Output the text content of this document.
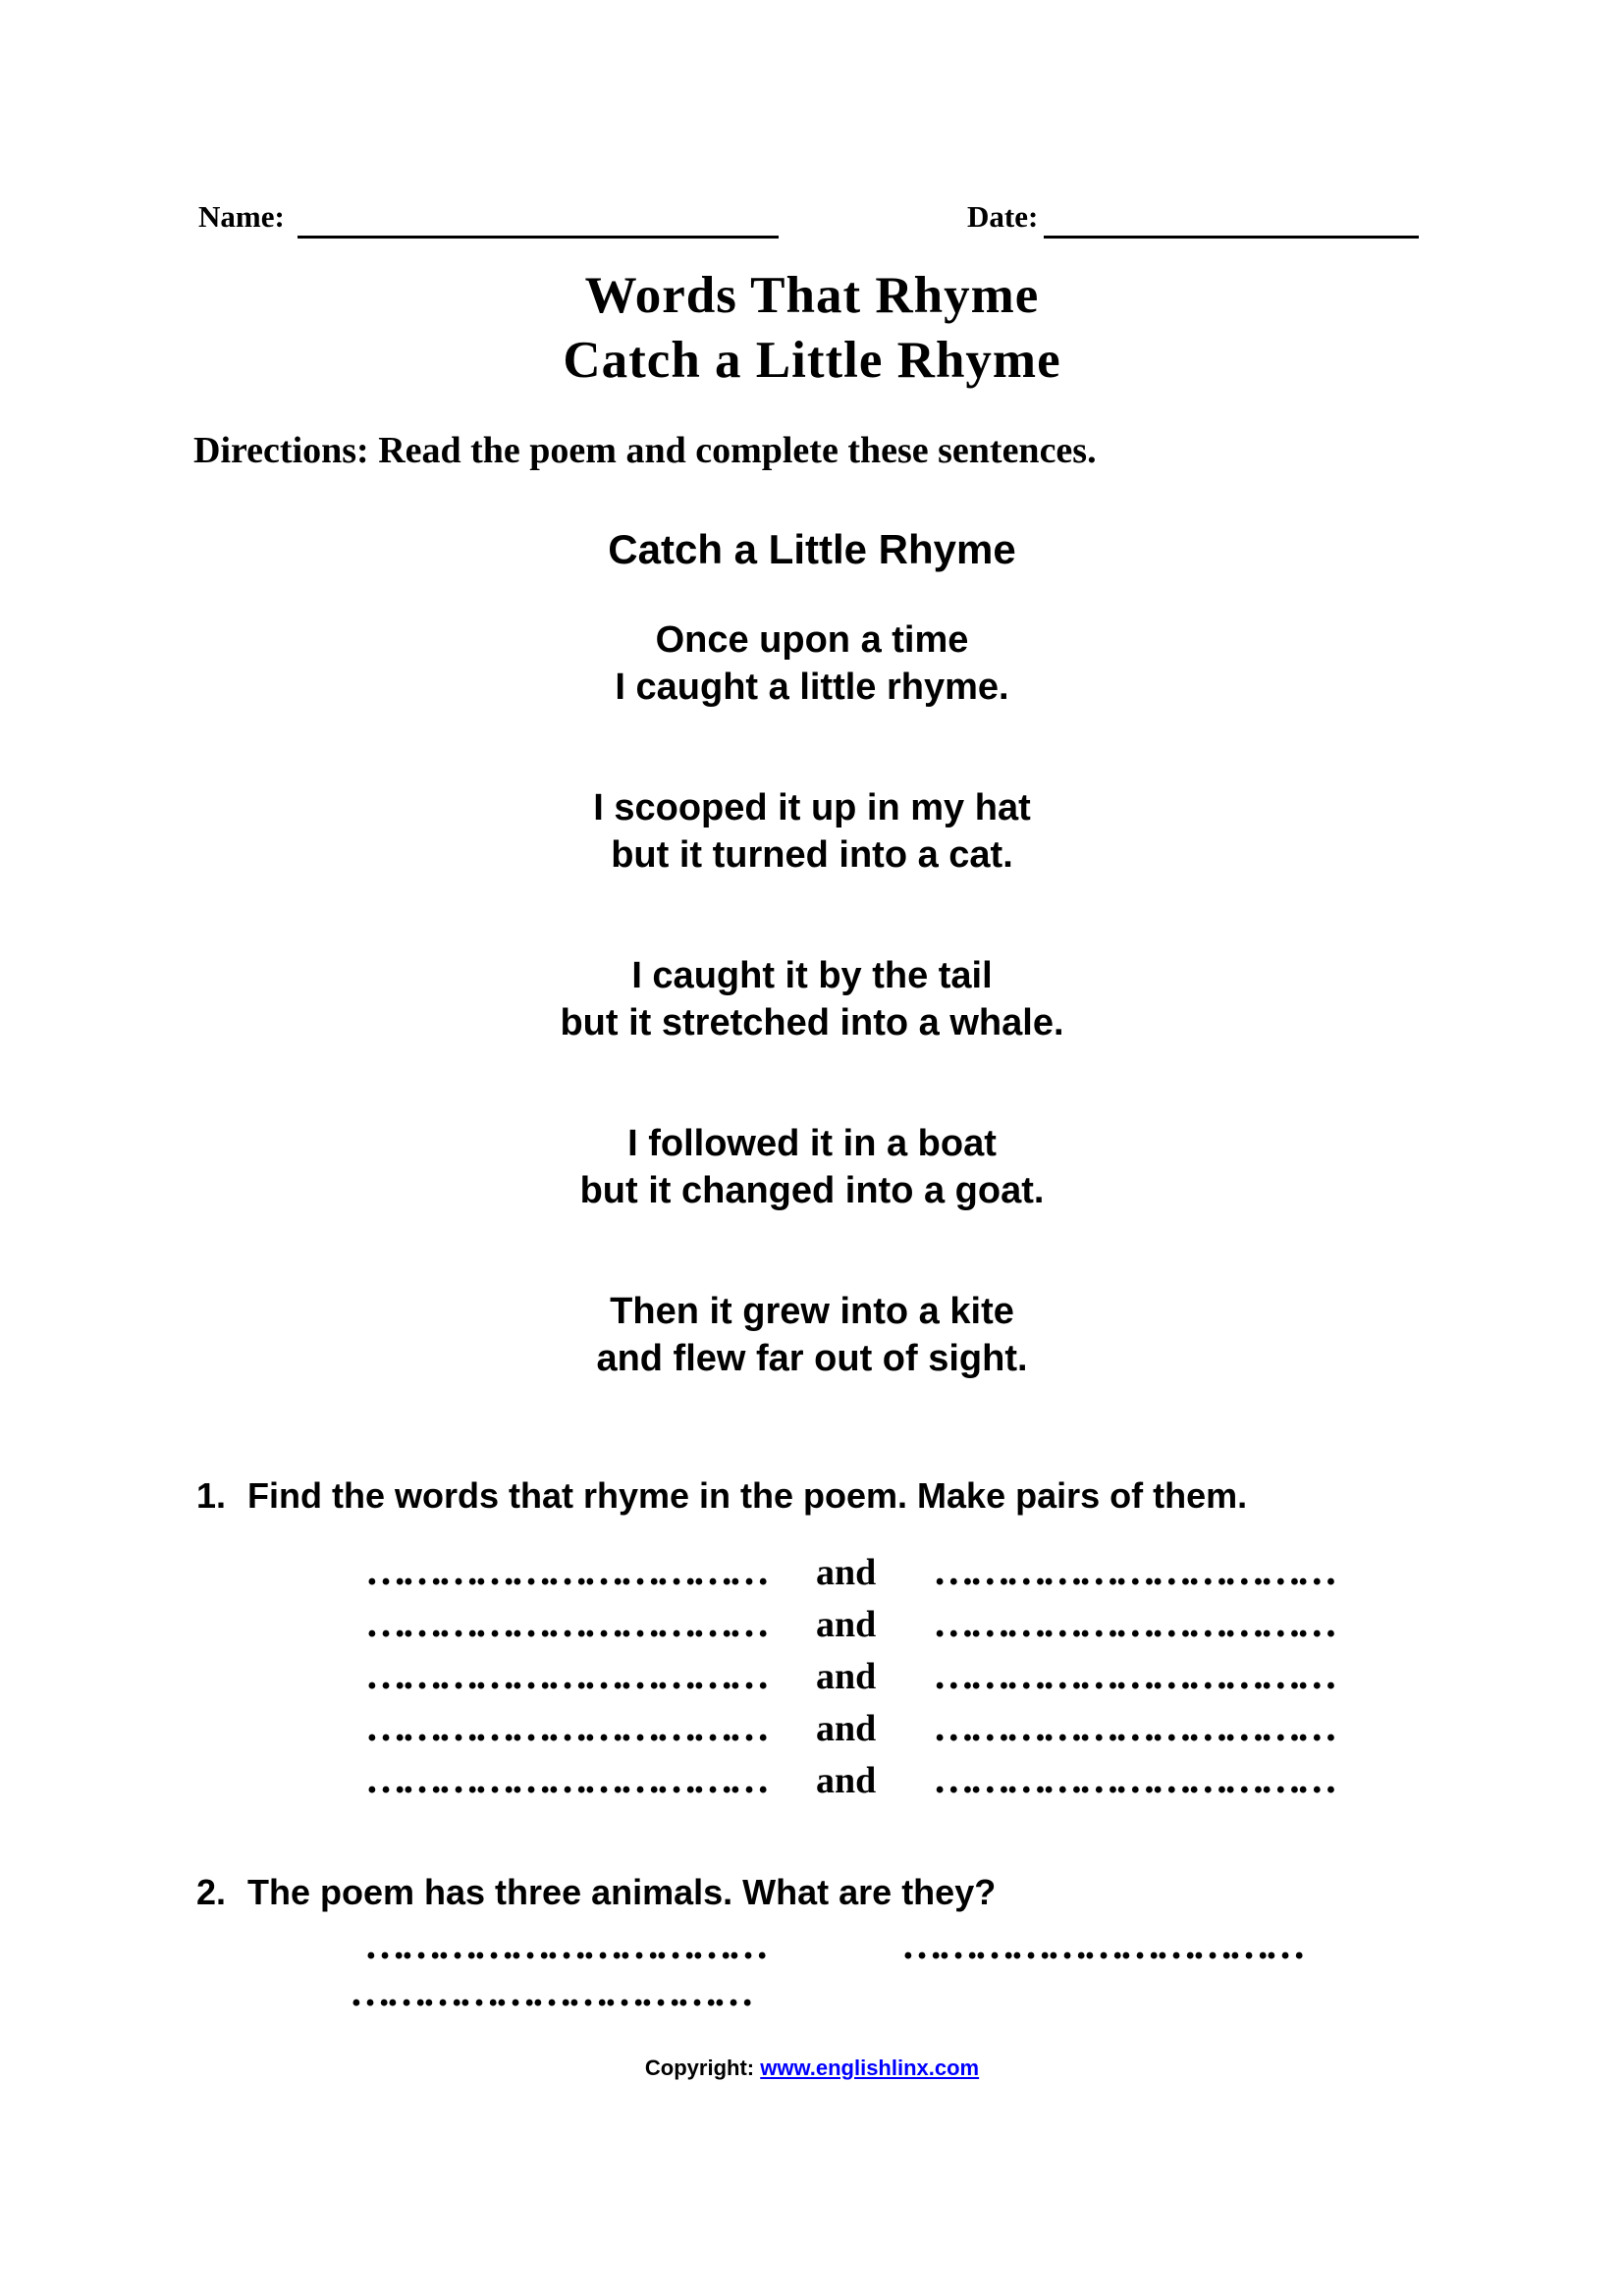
Name:	Date:
Words That Rhyme
Catch a Little Rhyme
Directions: Read the poem and complete these sentences.
Catch a Little Rhyme
Once upon a time
I caught a little rhyme.
I scooped it up in my hat
but it turned into a cat.
I caught it by the tail
but it stretched into a whale.
I followed it in a boat
but it changed into a goat.
Then it grew into a kite
and flew far out of sight.
1. Find the words that rhyme in the poem. Make pairs of them.
…………………………… and ……………………………
…………………………… and ……………………………
…………………………… and ……………………………
…………………………… and ……………………………
…………………………… and ……………………………
2. The poem has three animals. What are they?
……………………………	……………………………
……………………………
Copyright: www.englishlinx.com
